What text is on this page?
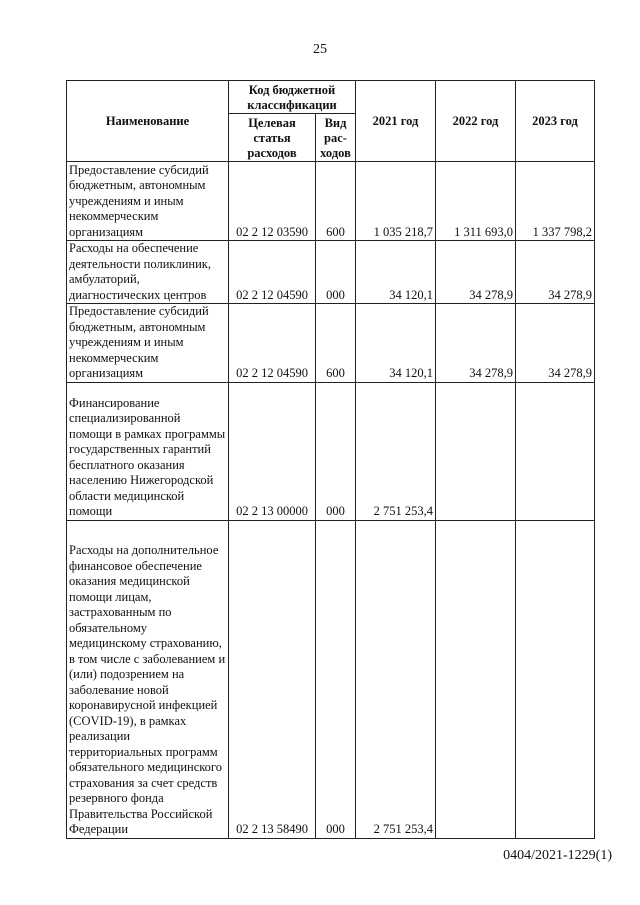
25
Наименование	Код бюджетной классификации		2021 год	2022 год	2023 год
	Целевая статья расходов	Вид рас-
ходов			
Предоставление субсидий бюджетным, автономным учреждениям и иным некоммерческим организациям	02 2 12 03590	600	1 035 218,7	1 311 693,0	1 337 798,2
Расходы на обеспечение деятельности поликлиник, амбулаторий, диагностических центров	02 2 12 04590	000	34 120,1	34 278,9	34 278,9
Предоставление субсидий бюджетным, автономным учреждениям и иным некоммерческим организациям	02 2 12 04590	600	34 120,1	34 278,9	34 278,9
Финансирование специализированной помощи в рамках программы государственных гарантий бесплатного оказания населению Нижегородской области медицинской помощи	02 2 13 00000	000	2 751 253,4		
Расходы на дополнительное финансовое обеспечение оказания медицинской помощи лицам, застрахованным по обязательному медицинскому страхованию, в том числе с заболеванием и (или) подозрением на заболевание новой коронавирусной инфекцией (COVID-19), в рамках реализации территориальных программ обязательного медицинского страхования за счет средств резервного фонда Правительства Российской Федерации	02 2 13 58490	000	2 751 253,4		
0404/2021-1229(1)
